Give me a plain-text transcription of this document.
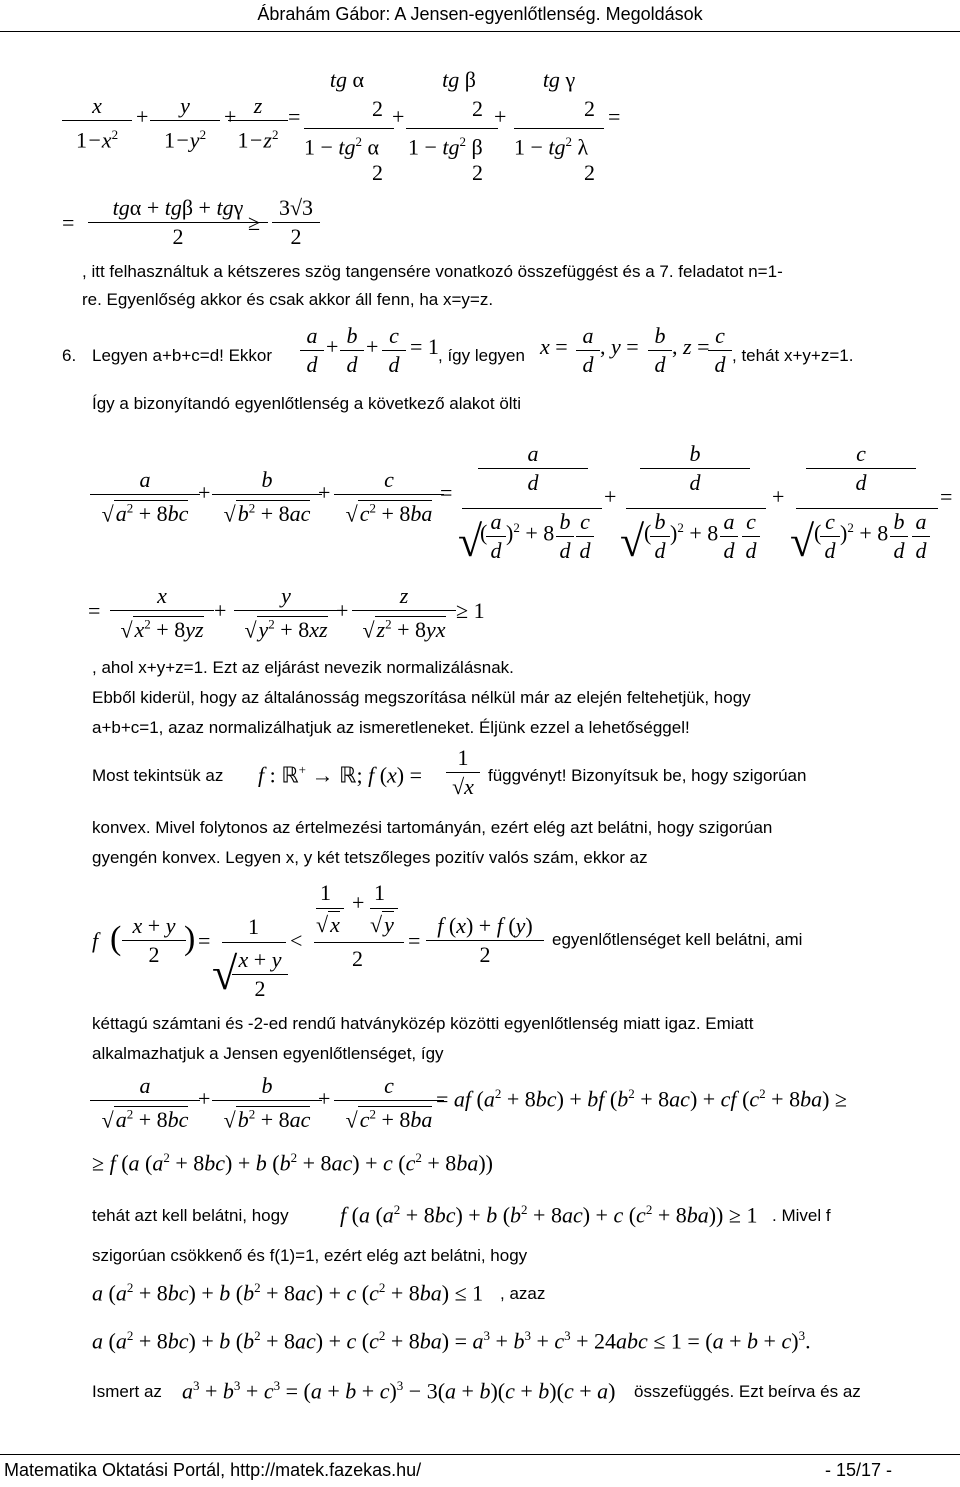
Ábrahám Gábor: A Jensen-egyenlőtlenség. Megoldások
$\frac{x}{1-x^2} + \frac{y}{1-y^2}$ +
$\frac{z}{1-z^2}$ =
tg α
2
$1 - tg^2$ α
2
+
tg β
2
$1 - tg^2$ β
2
+
tg γ
2
$1 - tg^2$ λ
2
=
=
tgα + tgβ + tgγ
2
≥ $\frac{3√3}{2}$
, itt felhasználtuk a kétszeres szög tangensére vonatkozó összefüggést és a 7. feladatot n=1-
re. Egyenlőség akkor és csak akkor áll fenn, ha x=y=z.
6. Legyen a+b+c=d! Ekkor $\frac{a}{d} + \frac{b}{d} + \frac{c}{d} = 1$ , így legyen $x = \frac{a}{d}$ , $y = \frac{b}{d}$ , z =
$\frac{c}{d}$ , tehát x+y+z=1.
Így a bizonyítandó egyenlőtlenség a következő alakot ölti
$\frac{a}{√a^2 + 8bc}$
+ $\frac{b}{√b^2 + 8ac}$
+ $\frac{c}{√c^2 + 8ba}$
= $\frac{a}{d}$
√
(
$\frac{a}{d} )^2 + 8 \frac{b}{d} \frac{c}{d}$
+ $\frac{b}{d}$
√ (
$\frac{b}{d} )^2 + 8 \frac{a}{d} \frac{c}{d}$
+ $\frac{c}{d}$
√ (
$\frac{c}{d} )^2 + 8 \frac{b}{d} \frac{a}{d}$
=
= $\frac{x}{√x^2 + 8yz} + \frac{y}{√y^2 + 8xz}$
+ $\frac{z}{√z^2 + 8yx} \ge 1$
, ahol x+y+z=1. Ezt az eljárást nevezik normalizálásnak.
Ebből kiderül, hogy az általánosság megszorítása nélkül már az elején feltehetjük, hogy
a+b+c=1, azaz normalizálhatjuk az ismeretleneket. Éljünk ezzel a lehetőséggel!
Most tekintsük az f : ℝ+ → ℝ; f $(x) = \frac{1}{√x}$ függvényt! Bizonyítsuk be, hogy szigorúan
konvex. Mivel folytonos az értelmezési tartományán, ezért elég azt belátni, hogy szigorúan
gyengén konvex. Legyen x, y két tetszőleges pozitív valós szám, ekkor az
f ( $\frac{x + y}{2}$
) =
1
√
$\frac{x + y}{2}$
<
1 + 1
√x √y
2
= $\frac{f (x) + f (y)}{2}$ egyenlőtlenséget kell belátni, ami
kéttagú számtani és -2-ed rendű hatványközép közötti egyenlőtlenség miatt igaz. Emiatt
alkalmazhatjuk a Jensen egyenlőtlenséget, így
$\frac{a}{√a^2 + 8bc}$
+ $\frac{b}{√b^2 + 8ac}$
+ $\frac{c}{√c^2 + 8ba}$
= af $(a^2 + 8bc)$ + bf $(b^2 + 8ac)$ + cf $(c^2 + 8ba)$ ≥
≥ f (a $(a^2 + 8bc) + b$ $(b^2 + 8ac) + c$ $(c^2 + 8ba)$)
tehát azt kell belátni, hogy f (a $(a^2 + 8bc) + b$ $(b^2 + 8ac) + c$ $(c^2 + 8ba)) \ge 1$ . Mivel f
szigorúan csökkenő és f(1)=1, ezért elég azt belátni, hogy
a $(a^2 + 8bc) + b$ $(b^2 + 8ac) + c$ $(c^2 + 8ba) \le 1$ , azaz
a $(a^2 + 8bc) + b$ $(b^2 + 8ac) + c$ $(c^2 + 8ba) = a^3 + b^3 + c^3 + 24abc \le 1 = (a + b + c)^3$.
Ismert az $a^3 + b^3 + c^3 = (a + b + c)^3 - 3(a + b)(c + b)(c + a)$ összefüggés. Ezt beírva és az
Matematika Oktatási Portál, http://matek.fazekas.hu/	- 15/17 -
